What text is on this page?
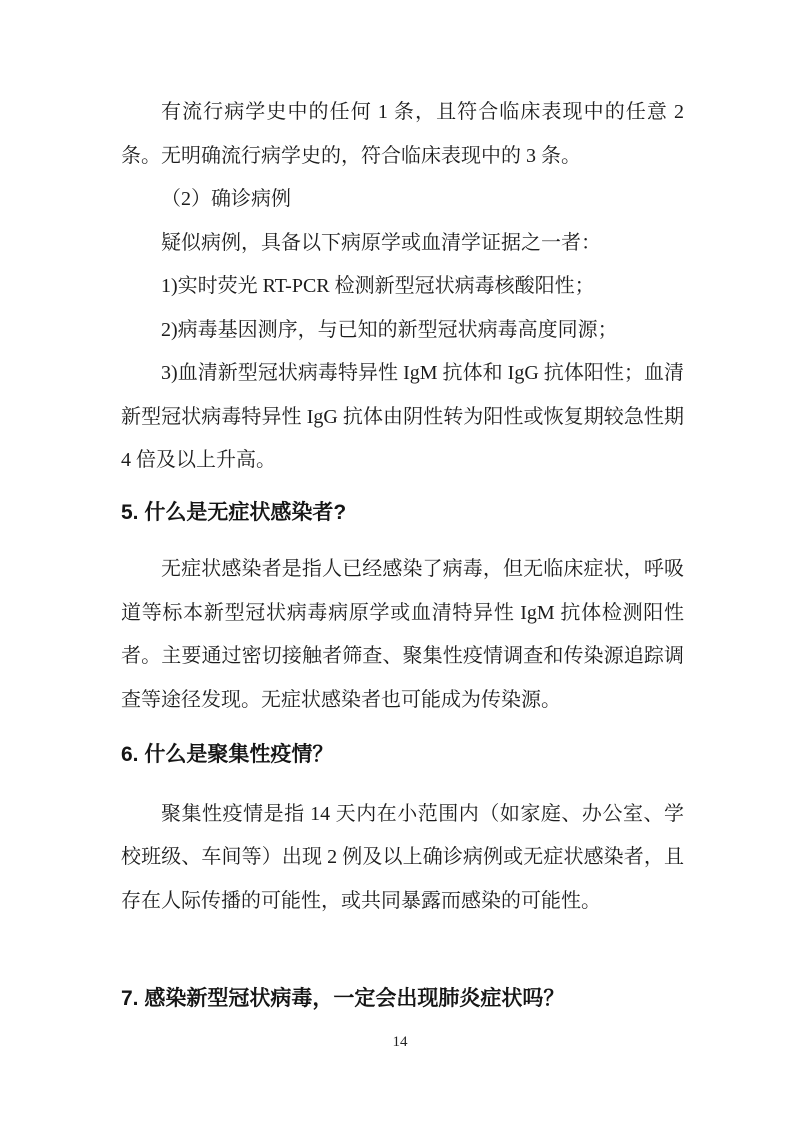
有流行病学史中的任何 1 条，且符合临床表现中的任意 2 条。无明确流行病学史的，符合临床表现中的 3 条。

（2）确诊病例

疑似病例，具备以下病原学或血清学证据之一者：

1)实时荧光 RT-PCR 检测新型冠状病毒核酸阳性；

2)病毒基因测序，与已知的新型冠状病毒高度同源；

3)血清新型冠状病毒特异性 IgM 抗体和 IgG 抗体阳性；血清新型冠状病毒特异性 IgG 抗体由阴性转为阳性或恢复期较急性期 4 倍及以上升高。

5. 什么是无症状感染者?

无症状感染者是指人已经感染了病毒，但无临床症状，呼吸道等标本新型冠状病毒病原学或血清特异性 IgM 抗体检测阳性者。主要通过密切接触者筛查、聚集性疫情调查和传染源追踪调查等途径发现。无症状感染者也可能成为传染源。

6. 什么是聚集性疫情？

聚集性疫情是指 14 天内在小范围内（如家庭、办公室、学校班级、车间等）出现 2 例及以上确诊病例或无症状感染者，且存在人际传播的可能性，或共同暴露而感染的可能性。

7. 感染新型冠状病毒，一定会出现肺炎症状吗？
14
